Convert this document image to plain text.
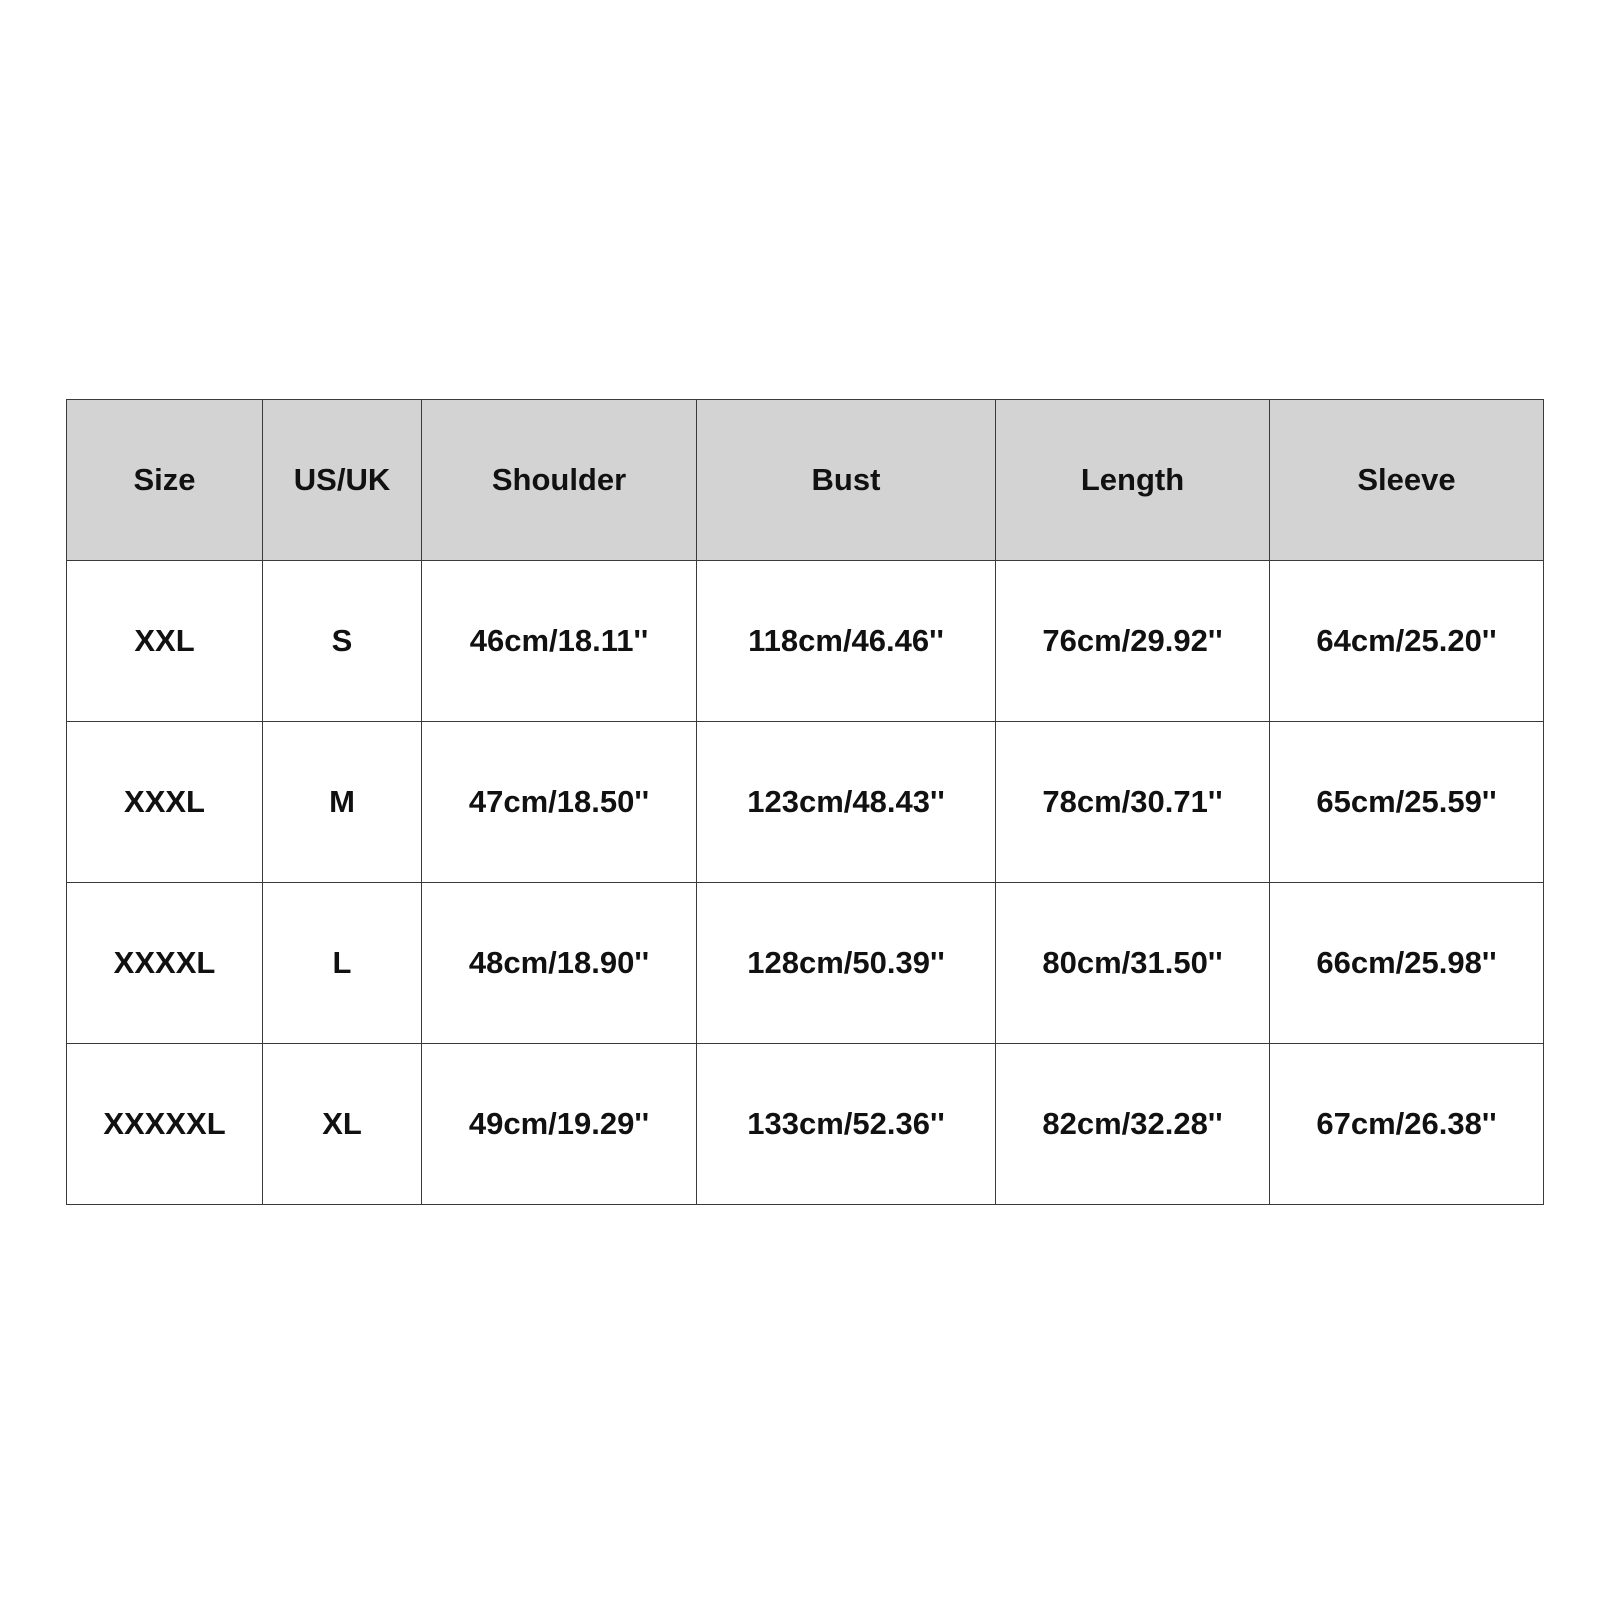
Size	US/UK	Shoulder	Bust	Length	Sleeve
XXL	S	46cm/18.11''	118cm/46.46''	76cm/29.92''	64cm/25.20''
XXXL	M	47cm/18.50''	123cm/48.43''	78cm/30.71''	65cm/25.59''
XXXXL	L	48cm/18.90''	128cm/50.39''	80cm/31.50''	66cm/25.98''
XXXXXL	XL	49cm/19.29''	133cm/52.36''	82cm/32.28''	67cm/26.38''
